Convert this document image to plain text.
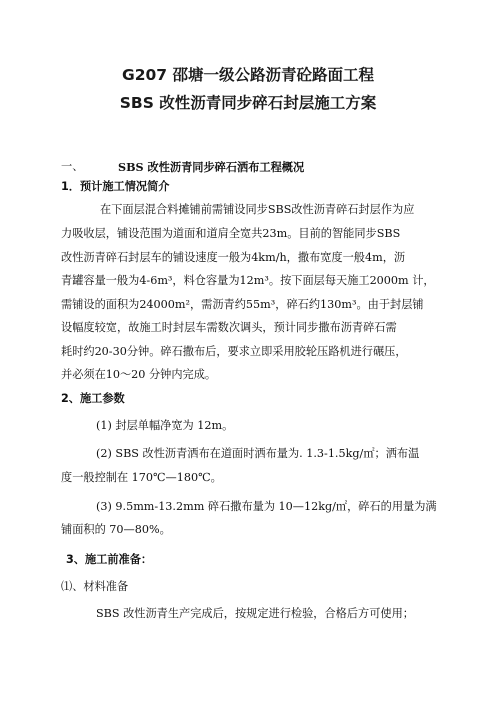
G207 邵塘一级公路沥青砼路面工程
SBS 改性沥青同步碎石封层施工方案
一、	SBS 改性沥青同步碎石洒布工程概况
1．预计施工情况简介
在下面层混合料摊铺前需铺设同步SBS改性沥青碎石封层作为应
力吸收层，铺设范围为道面和道肩全宽共23m。目前的智能同步SBS
改性沥青碎石封层车的铺设速度一般为4km/h，撒布宽度一般4m，沥
青罐容量一般为4-6m³，料仓容量为12m³。按下面层每天施工2000m 计，
需铺设的面积为24000m²，需沥青约55m³，碎石约130m³。由于封层铺
设幅度较宽，故施工时封层车需数次调头，预计同步撒布沥青碎石需
耗时约20-30分钟。碎石撒布后，要求立即采用胶轮压路机进行碾压，
并必须在10～20 分钟内完成。
2、施工参数
(1) 封层单幅净宽为 12m。
(2) SBS 改性沥青洒布在道面时洒布量为. 1.3-1.5kg/㎡；洒布温
度一般控制在 170℃—180℃。
(3) 9.5mm-13.2mm 碎石撒布量为 10—12kg/㎡，碎石的用量为满
铺面积的 70—80%。
3、施工前准备：
⑴、材料准备
SBS 改性沥青生产完成后，按规定进行检验，合格后方可使用；
